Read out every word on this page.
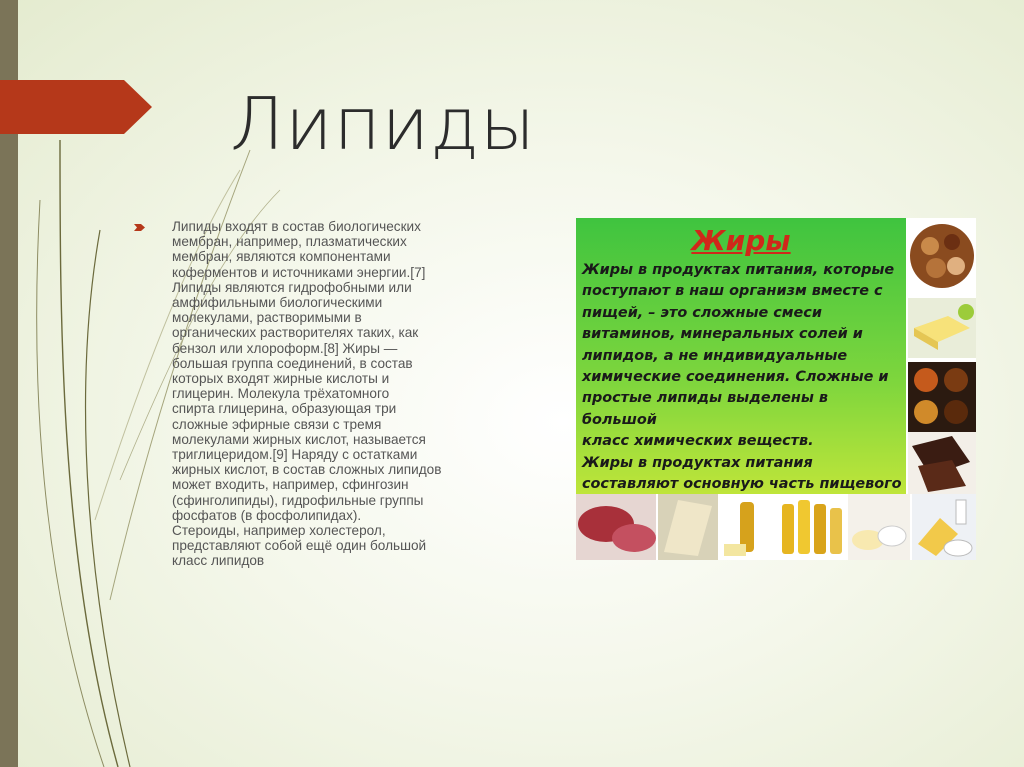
Липиды
Липиды входят в состав биологических
мембран, например, плазматических
мембран, являются компонентами
коферментов и источниками энергии.[7]
Липиды являются гидрофобными или
амфифильными биологическими
молекулами, растворимыми в
органических растворителях таких, как
бензол или хлороформ.[8] Жиры —
большая группа соединений, в состав
которых входят жирные кислоты и
глицерин. Молекула трёхатомного
спирта глицерина, образующая три
сложные эфирные связи с тремя
молекулами жирных кислот, называется
триглицеридом.[9] Наряду с остатками
жирных кислот, в состав сложных липидов
может входить, например, сфингозин
(сфинголипиды), гидрофильные группы
фосфатов (в фосфолипидах).
Стероиды, например холестерол,
представляют собой ещё один большой
класс липидов
Жиры
Жиры в продуктах питания, которые
поступают в наш организм вместе с
пищей, – это сложные смеси
витаминов, минеральных солей и
липидов, а не индивидуальные
химические соединения. Сложные и
простые липиды выделены в большой
класс химических веществ.
Жиры в продуктах питания
составляют основную часть пищевого
